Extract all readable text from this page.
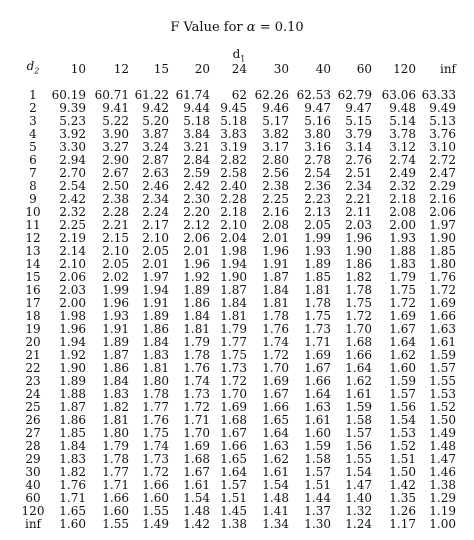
F Value for α = 0.10
$d_1$
$d_2$	10	12	15	20	24	30	40	60	120	inf

1	60.19	60.71	61.22	61.74	62	62.26	62.53	62.79	63.06	63.33
2	9.39	9.41	9.42	9.44	9.45	9.46	9.47	9.47	9.48	9.49
3	5.23	5.22	5.20	5.18	5.18	5.17	5.16	5.15	5.14	5.13
4	3.92	3.90	3.87	3.84	3.83	3.82	3.80	3.79	3.78	3.76
5	3.30	3.27	3.24	3.21	3.19	3.17	3.16	3.14	3.12	3.10
6	2.94	2.90	2.87	2.84	2.82	2.80	2.78	2.76	2.74	2.72
7	2.70	2.67	2.63	2.59	2.58	2.56	2.54	2.51	2.49	2.47
8	2.54	2.50	2.46	2.42	2.40	2.38	2.36	2.34	2.32	2.29
9	2.42	2.38	2.34	2.30	2.28	2.25	2.23	2.21	2.18	2.16
10	2.32	2.28	2.24	2.20	2.18	2.16	2.13	2.11	2.08	2.06
11	2.25	2.21	2.17	2.12	2.10	2.08	2.05	2.03	2.00	1.97
12	2.19	2.15	2.10	2.06	2.04	2.01	1.99	1.96	1.93	1.90
13	2.14	2.10	2.05	2.01	1.98	1.96	1.93	1.90	1.88	1.85
14	2.10	2.05	2.01	1.96	1.94	1.91	1.89	1.86	1.83	1.80
15	2.06	2.02	1.97	1.92	1.90	1.87	1.85	1.82	1.79	1.76
16	2.03	1.99	1.94	1.89	1.87	1.84	1.81	1.78	1.75	1.72
17	2.00	1.96	1.91	1.86	1.84	1.81	1.78	1.75	1.72	1.69
18	1.98	1.93	1.89	1.84	1.81	1.78	1.75	1.72	1.69	1.66
19	1.96	1.91	1.86	1.81	1.79	1.76	1.73	1.70	1.67	1.63
20	1.94	1.89	1.84	1.79	1.77	1.74	1.71	1.68	1.64	1.61
21	1.92	1.87	1.83	1.78	1.75	1.72	1.69	1.66	1.62	1.59
22	1.90	1.86	1.81	1.76	1.73	1.70	1.67	1.64	1.60	1.57
23	1.89	1.84	1.80	1.74	1.72	1.69	1.66	1.62	1.59	1.55
24	1.88	1.83	1.78	1.73	1.70	1.67	1.64	1.61	1.57	1.53
25	1.87	1.82	1.77	1.72	1.69	1.66	1.63	1.59	1.56	1.52
26	1.86	1.81	1.76	1.71	1.68	1.65	1.61	1.58	1.54	1.50
27	1.85	1.80	1.75	1.70	1.67	1.64	1.60	1.57	1.53	1.49
28	1.84	1.79	1.74	1.69	1.66	1.63	1.59	1.56	1.52	1.48
29	1.83	1.78	1.73	1.68	1.65	1.62	1.58	1.55	1.51	1.47
30	1.82	1.77	1.72	1.67	1.64	1.61	1.57	1.54	1.50	1.46
40	1.76	1.71	1.66	1.61	1.57	1.54	1.51	1.47	1.42	1.38
60	1.71	1.66	1.60	1.54	1.51	1.48	1.44	1.40	1.35	1.29
120	1.65	1.60	1.55	1.48	1.45	1.41	1.37	1.32	1.26	1.19
inf	1.60	1.55	1.49	1.42	1.38	1.34	1.30	1.24	1.17	1.00
